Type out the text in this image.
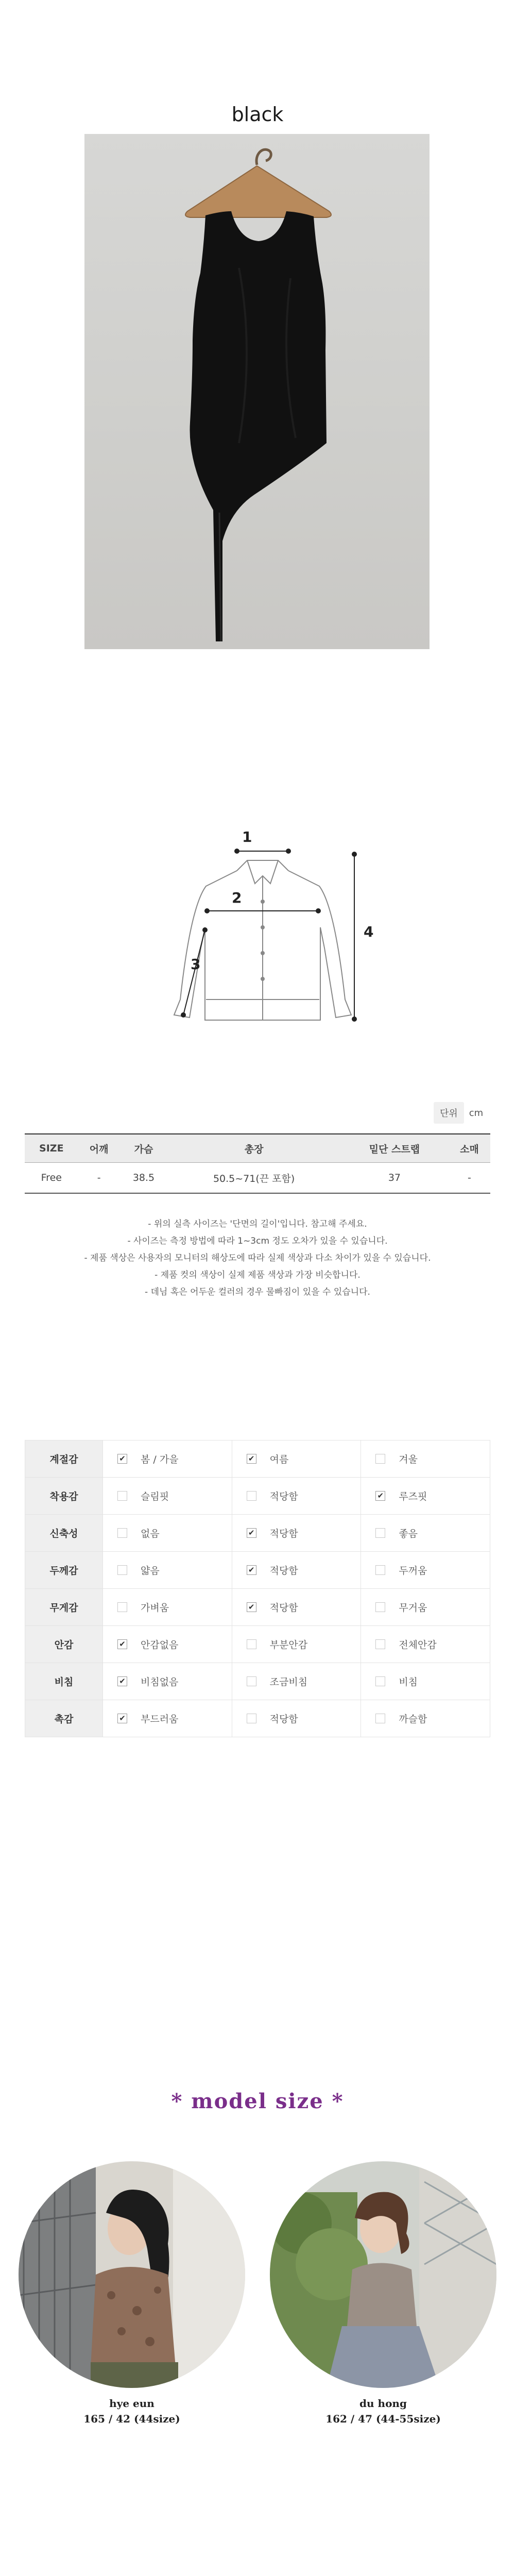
black
1
2
3
4
단위	cm
SIZE	어깨	가슴	총장	밑단 스트랩	소매
Free	-	38.5	50.5~71(끈 포함)	37	-
- 위의 실측 사이즈는 '단면의 길이'입니다. 참고해 주세요.
- 사이즈는 측정 방법에 따라 1~3cm 정도 오차가 있을 수 있습니다.
- 제품 색상은 사용자의 모니터의 해상도에 따라 실제 색상과 다소 차이가 있을 수 있습니다.
- 제품 컷의 색상이 실제 제품 색상과 가장 비슷합니다.
- 데님 혹은 어두운 컬러의 경우 물빠짐이 있을 수 있습니다.
계절감	✔ 봄 / 가을	✔ 여름	겨울

착용감	슬림핏	적당함	✔ 루즈핏

신축성	없음	✔ 적당함	좋음

두께감	얇음	✔ 적당함	두꺼움

무게감	가벼움	✔ 적당함	무거움

안감	✔ 안감없음	부분안감	전체안감

비침	✔ 비침없음	조금비침	비침

촉감	✔ 부드러움	적당함	까슬함
* model size *
hye eun
165 / 42 (44size)
du hong
162 / 47 (44-55size)
